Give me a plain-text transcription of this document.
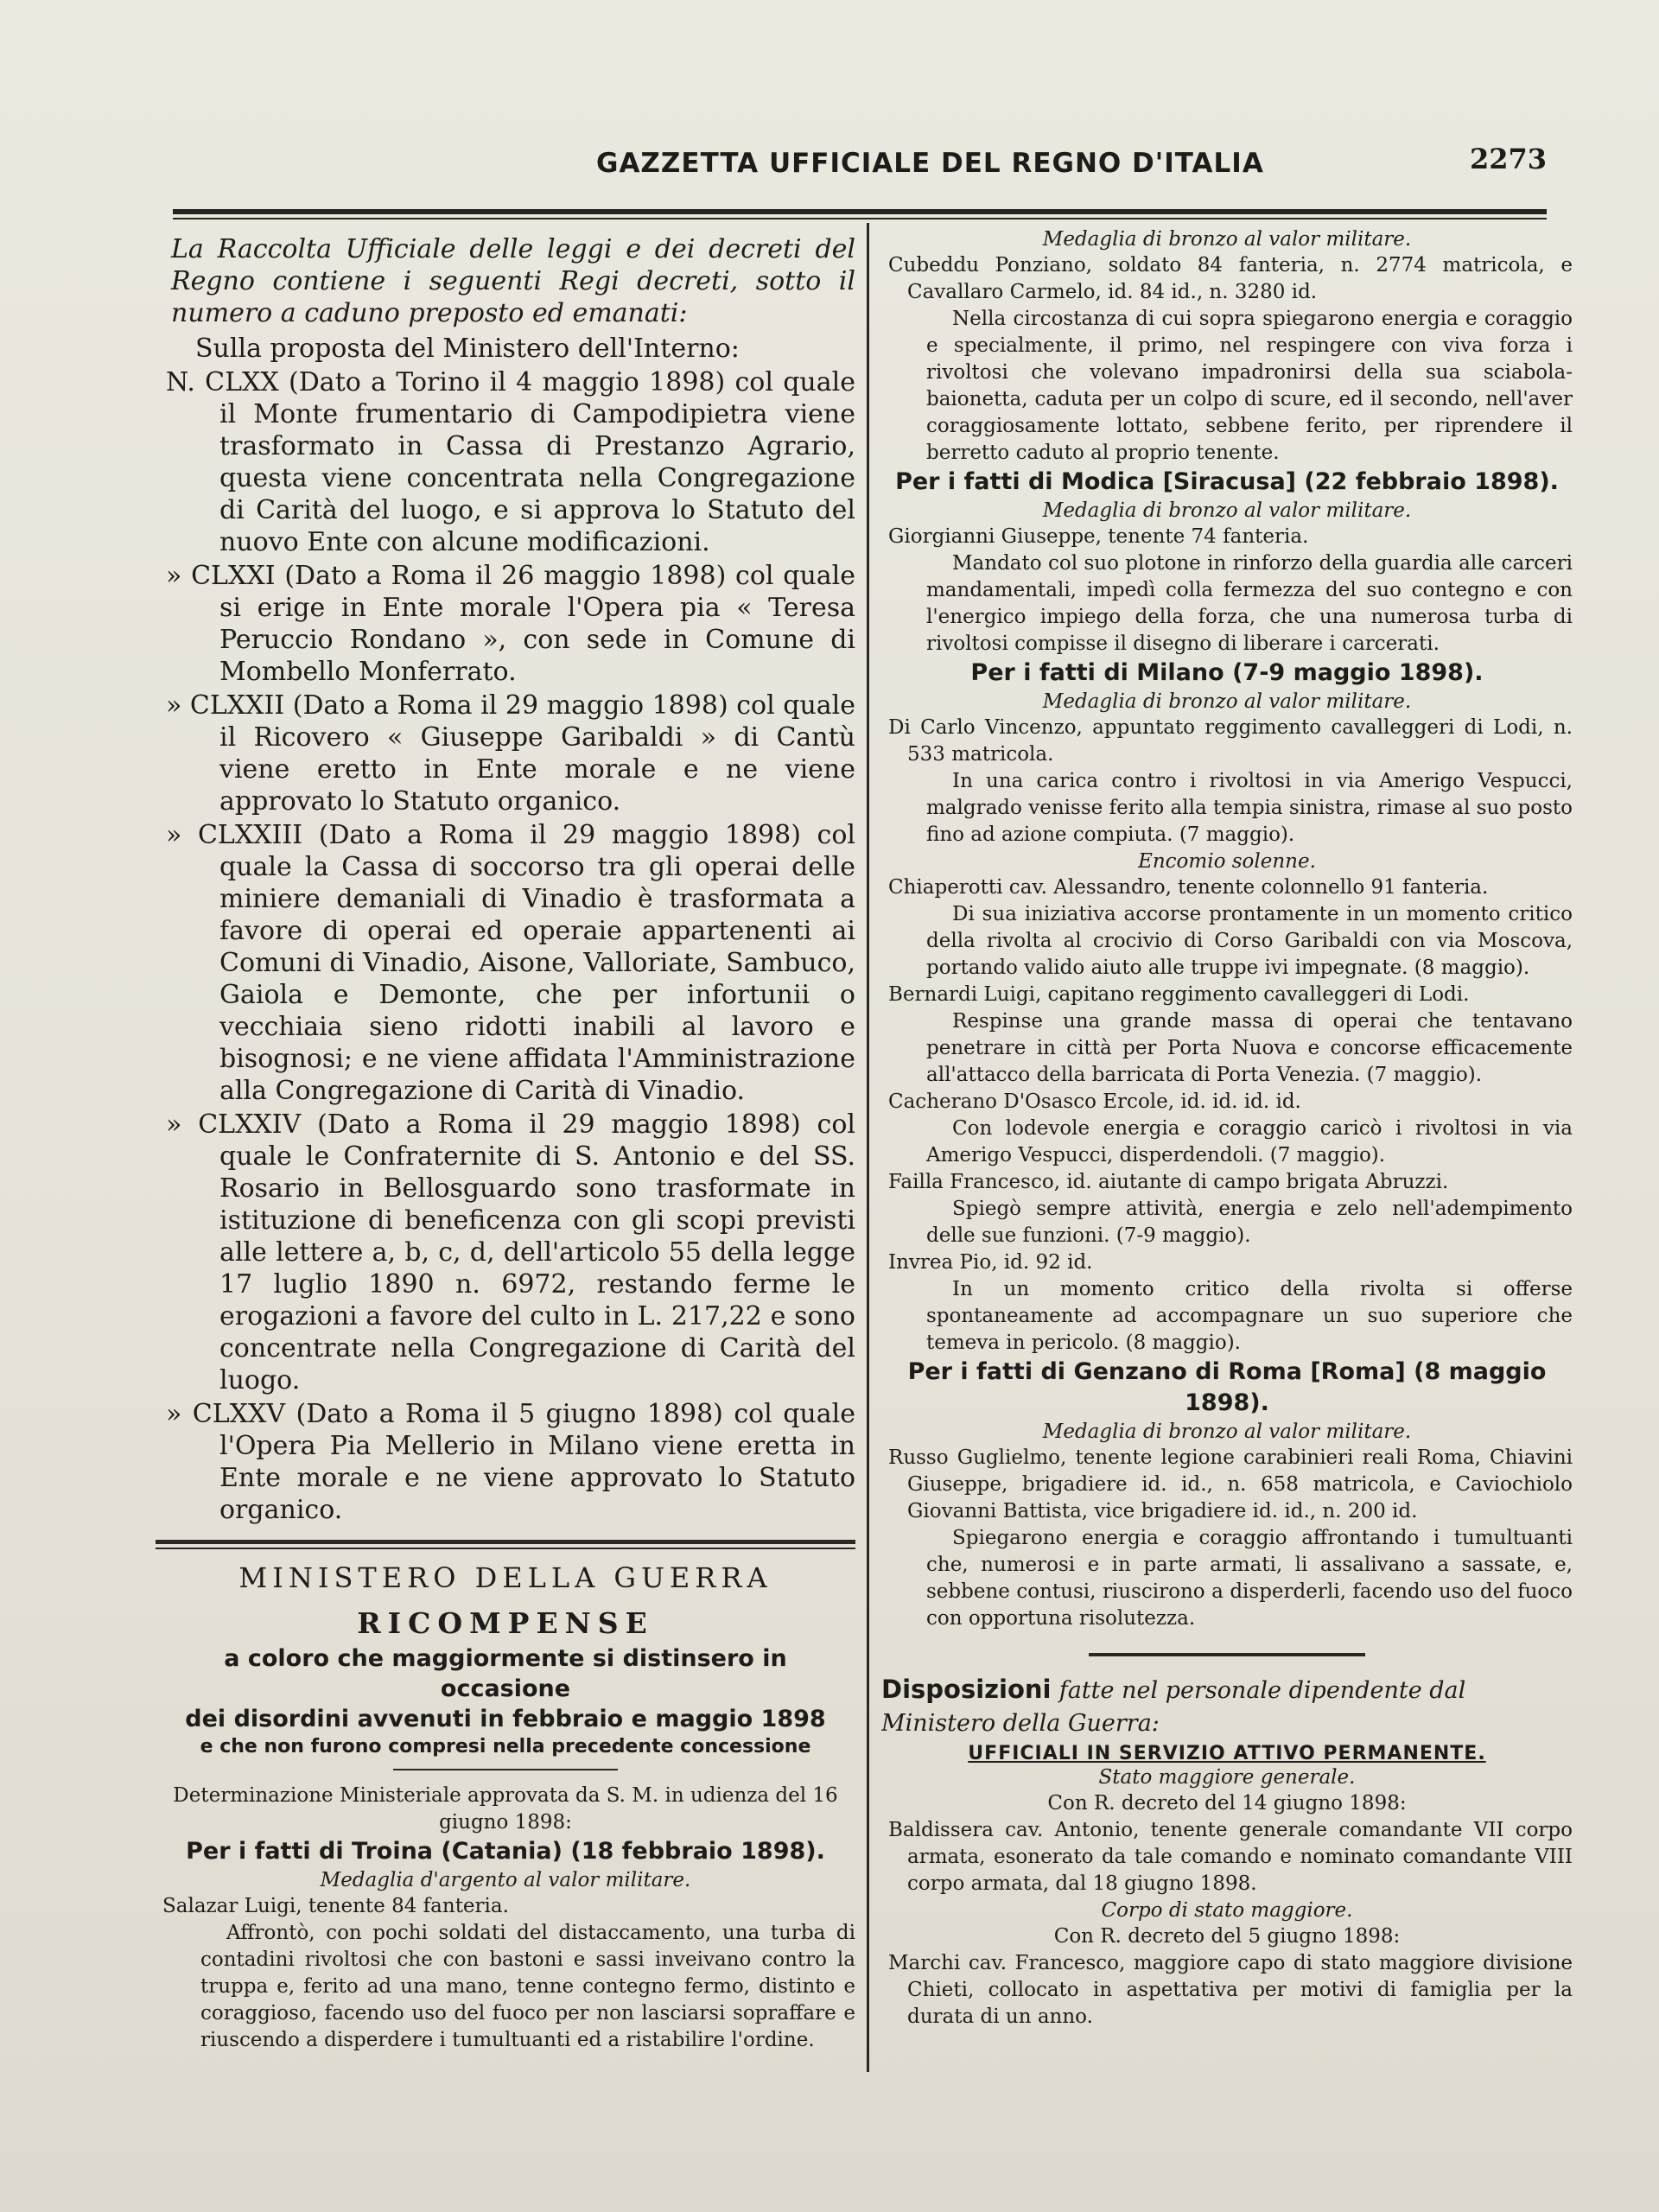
GAZZETTA UFFICIALE DEL REGNO D'ITALIA	2273

La Raccolta Ufficiale delle leggi e dei decreti del Regno contiene i seguenti Regi decreti, sotto il numero a caduno preposto ed emanati:

Sulla proposta del Ministero dell'Interno:
N. CLXX (Dato a Torino il 4 maggio 1898) col quale il Monte frumentario di Campodipietra viene trasformato in Cassa di Prestanzo Agrario, questa viene concentrata nella Congregazione di Carità del luogo, e si approva lo Statuto del nuovo Ente con alcune modificazioni.
» CLXXI (Dato a Roma il 26 maggio 1898) col quale si erige in Ente morale l'Opera pia « Teresa Peruccio Rondano », con sede in Comune di Mombello Monferrato.
» CLXXII (Dato a Roma il 29 maggio 1898) col quale il Ricovero « Giuseppe Garibaldi » di Cantù viene eretto in Ente morale e ne viene approvato lo Statuto organico.
» CLXXIII (Dato a Roma il 29 maggio 1898) col quale la Cassa di soccorso tra gli operai delle miniere demaniali di Vinadio è trasformata a favore di operai ed operaie appartenenti ai Comuni di Vinadio, Aisone, Valloriate, Sambuco, Gaiola e Demonte, che per infortunii o vecchiaia sieno ridotti inabili al lavoro e bisognosi; e ne viene affidata l'Amministrazione alla Congregazione di Carità di Vinadio.
» CLXXIV (Dato a Roma il 29 maggio 1898) col quale le Confraternite di S. Antonio e del SS. Rosario in Bellosguardo sono trasformate in istituzione di beneficenza con gli scopi previsti alle lettere a, b, c, d, dell'articolo 55 della legge 17 luglio 1890 n. 6972, restando ferme le erogazioni a favore del culto in L. 217,22 e sono concentrate nella Congregazione di Carità del luogo.
» CLXXV (Dato a Roma il 5 giugno 1898) col quale l'Opera Pia Mellerio in Milano viene eretta in Ente morale e ne viene approvato lo Statuto organico.
MINISTERO DELLA GUERRA
RICOMPENSE
a coloro che maggiormente si distinsero in occasione
dei disordini avvenuti in febbraio e maggio 1898
e che non furono compresi nella precedente concessione
Determinazione Ministeriale approvata da S. M. in udienza del 16 giugno 1898:
Per i fatti di Troina (Catania) (18 febbraio 1898).
Medaglia d'argento al valor militare.
Salazar Luigi, tenente 84 fanteria.
Affrontò, con pochi soldati del distaccamento, una turba di contadini rivoltosi che con bastoni e sassi inveivano contro la truppa e, ferito ad una mano, tenne contegno fermo, distinto e coraggioso, facendo uso del fuoco per non lasciarsi sopraffare e riuscendo a disperdere i tumultuanti ed a ristabilire l'ordine.
Medaglia di bronzo al valor militare.
Cubeddu Ponziano, soldato 84 fanteria, n. 2774 matricola, e Cavallaro Carmelo, id. 84 id., n. 3280 id.
Nella circostanza di cui sopra spiegarono energia e coraggio e specialmente, il primo, nel respingere con viva forza i rivoltosi che volevano impadronirsi della sua sciabola-baionetta, caduta per un colpo di scure, ed il secondo, nell'aver coraggiosamente lottato, sebbene ferito, per riprendere il berretto caduto al proprio tenente.
Per i fatti di Modica [Siracusa] (22 febbraio 1898).
Medaglia di bronzo al valor militare.
Giorgianni Giuseppe, tenente 74 fanteria.
Mandato col suo plotone in rinforzo della guardia alle carceri mandamentali, impedì colla fermezza del suo contegno e con l'energico impiego della forza, che una numerosa turba di rivoltosi compisse il disegno di liberare i carcerati.
Per i fatti di Milano (7-9 maggio 1898).
Medaglia di bronzo al valor militare.
Di Carlo Vincenzo, appuntato reggimento cavalleggeri di Lodi, n. 533 matricola.
In una carica contro i rivoltosi in via Amerigo Vespucci, malgrado venisse ferito alla tempia sinistra, rimase al suo posto fino ad azione compiuta. (7 maggio).
Encomio solenne.
Chiaperotti cav. Alessandro, tenente colonnello 91 fanteria.
Di sua iniziativa accorse prontamente in un momento critico della rivolta al crocivio di Corso Garibaldi con via Moscova, portando valido aiuto alle truppe ivi impegnate. (8 maggio).
Bernardi Luigi, capitano reggimento cavalleggeri di Lodi.
Respinse una grande massa di operai che tentavano penetrare in città per Porta Nuova e concorse efficacemente all'attacco della barricata di Porta Venezia. (7 maggio).
Cacherano D'Osasco Ercole, id. id. id. id.
Con lodevole energia e coraggio caricò i rivoltosi in via Amerigo Vespucci, disperdendoli. (7 maggio).
Failla Francesco, id. aiutante di campo brigata Abruzzi.
Spiegò sempre attività, energia e zelo nell'adempimento delle sue funzioni. (7-9 maggio).
Invrea Pio, id. 92 id.
In un momento critico della rivolta si offerse spontaneamente ad accompagnare un suo superiore che temeva in pericolo. (8 maggio).
Per i fatti di Genzano di Roma [Roma] (8 maggio 1898).
Medaglia di bronzo al valor militare.
Russo Guglielmo, tenente legione carabinieri reali Roma, Chiavini Giuseppe, brigadiere id. id., n. 658 matricola, e Caviochiolo Giovanni Battista, vice brigadiere id. id., n. 200 id.
Spiegarono energia e coraggio affrontando i tumultuanti che, numerosi e in parte armati, li assalivano a sassate, e, sebbene contusi, riuscirono a disperderli, facendo uso del fuoco con opportuna risolutezza.
Disposizioni fatte nel personale dipendente dal Ministero della Guerra:
UFFICIALI IN SERVIZIO ATTIVO PERMANENTE.
Stato maggiore generale.
Con R. decreto del 14 giugno 1898:
Baldissera cav. Antonio, tenente generale comandante VII corpo armata, esonerato da tale comando e nominato comandante VIII corpo armata, dal 18 giugno 1898.
Corpo di stato maggiore.
Con R. decreto del 5 giugno 1898:
Marchi cav. Francesco, maggiore capo di stato maggiore divisione Chieti, collocato in aspettativa per motivi di famiglia per la durata di un anno.
